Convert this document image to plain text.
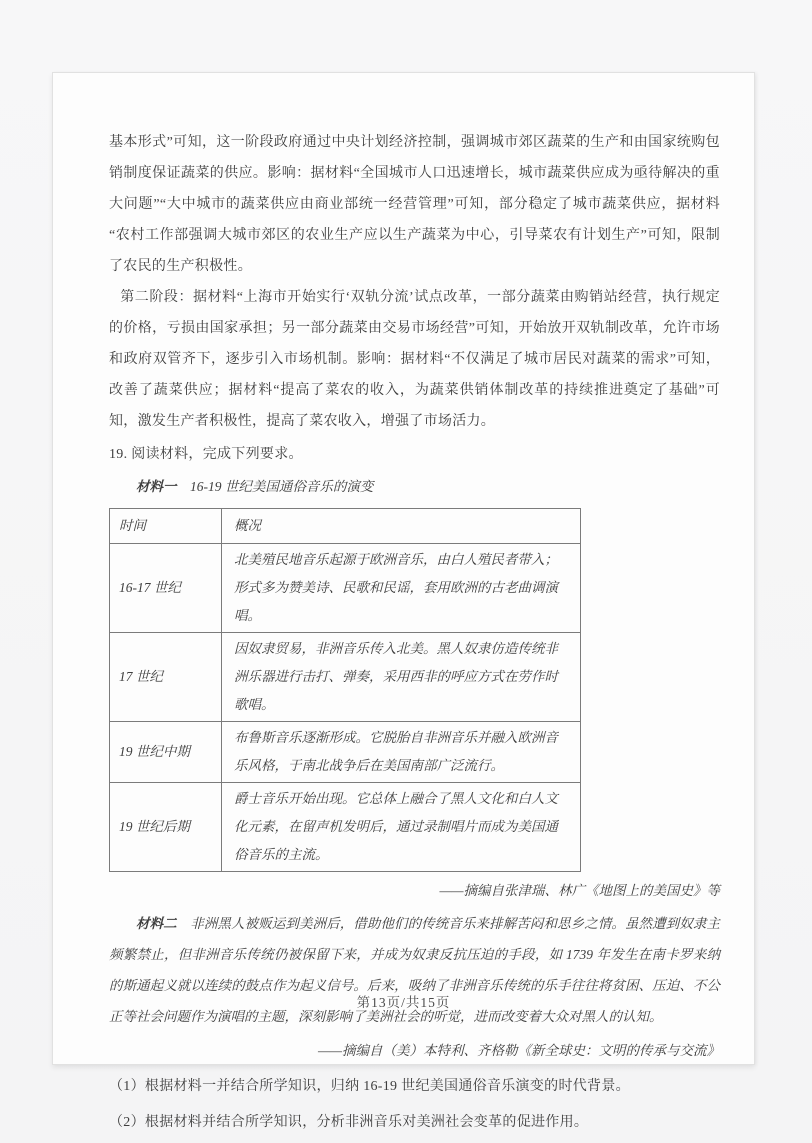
基本形式”可知，这一阶段政府通过中央计划经济控制，强调城市郊区蔬菜的生产和由国家统购包销制度保证蔬菜的供应。影响：据材料“全国城市人口迅速增长，城市蔬菜供应成为亟待解决的重大问题”“大中城市的蔬菜供应由商业部统一经营管理”可知，部分稳定了城市蔬菜供应，据材料“农村工作部强调大城市郊区的农业生产应以生产蔬菜为中心，引导菜农有计划生产”可知，限制了农民的生产积极性。

第二阶段：据材料“上海市开始实行‘双轨分流’试点改革，一部分蔬菜由购销站经营，执行规定的价格，亏损由国家承担；另一部分蔬菜由交易市场经营”可知，开始放开双轨制改革，允许市场和政府双管齐下，逐步引入市场机制。影响：据材料“不仅满足了城市居民对蔬菜的需求”可知，改善了蔬菜供应；据材料“提高了菜农的收入，为蔬菜供销体制改革的持续推进奠定了基础”可知，激发生产者积极性，提高了菜农收入，增强了市场活力。

19. 阅读材料，完成下列要求。

材料一 16-19 世纪美国通俗音乐的演变

时间	概况
16-17 世纪	北美殖民地音乐起源于欧洲音乐，由白人殖民者带入；形式多为赞美诗、民歌和民谣，套用欧洲的古老曲调演唱。
17 世纪	因奴隶贸易，非洲音乐传入北美。黑人奴隶仿造传统非洲乐器进行击打、弹奏，采用西非的呼应方式在劳作时歌唱。
19 世纪中期	布鲁斯音乐逐渐形成。它脱胎自非洲音乐并融入欧洲音乐风格，于南北战争后在美国南部广泛流行。
19 世纪后期	爵士音乐开始出现。它总体上融合了黑人文化和白人文化元素，在留声机发明后，通过录制唱片而成为美国通俗音乐的主流。

——摘编自张津瑞、林广《地图上的美国史》等

材料二 非洲黑人被贩运到美洲后，借助他们的传统音乐来排解苦闷和思乡之情。虽然遭到奴隶主频繁禁止，但非洲音乐传统仍被保留下来，并成为奴隶反抗压迫的手段，如 1739 年发生在南卡罗来纳的斯通起义就以连续的鼓点作为起义信号。后来，吸纳了非洲音乐传统的乐手往往将贫困、压迫、不公正等社会问题作为演唱的主题，深刻影响了美洲社会的听觉，进而改变着大众对黑人的认知。

——摘编自（美）本特利、齐格勒《新全球史：文明的传承与交流》

（1）根据材料一并结合所学知识，归纳 16-19 世纪美国通俗音乐演变的时代背景。

（2）根据材料并结合所学知识，分析非洲音乐对美洲社会变革的促进作用。

第13页/共15页
